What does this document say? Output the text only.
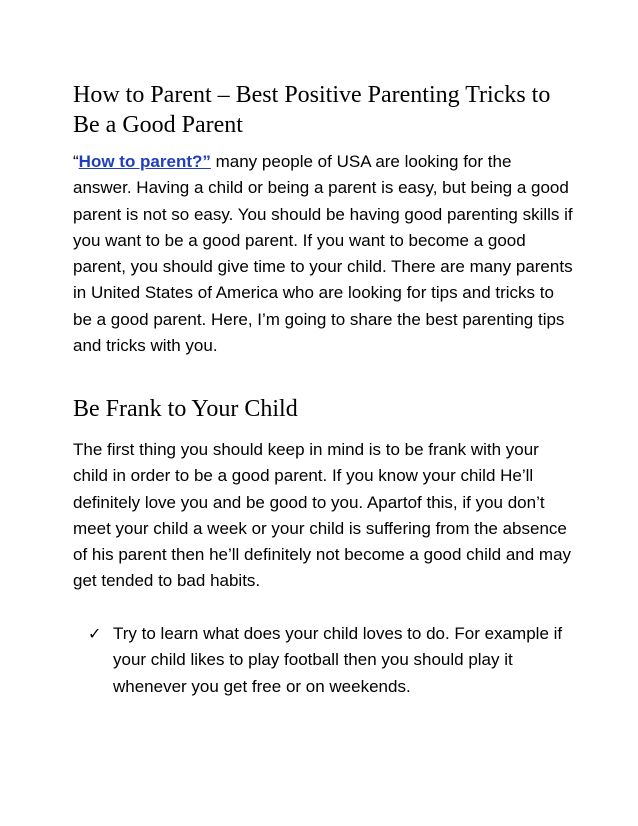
How to Parent – Best Positive Parenting Tricks to Be a Good Parent

“How to parent?” many people of USA are looking for the answer. Having a child or being a parent is easy, but being a good parent is not so easy. You should be having good parenting skills if you want to be a good parent. If you want to become a good parent, you should give time to your child. There are many parents in United States of America who are looking for tips and tricks to be a good parent. Here, I’m going to share the best parenting tips and tricks with you.

Be Frank to Your Child

The first thing you should keep in mind is to be frank with your child in order to be a good parent. If you know your child He’ll definitely love you and be good to you. Apartof this, if you don’t meet your child a week or your child is suffering from the absence of his parent then he’ll definitely not become a good child and may get tended to bad habits.

✓ Try to learn what does your child loves to do. For example if your child likes to play football then you should play it whenever you get free or on weekends.
